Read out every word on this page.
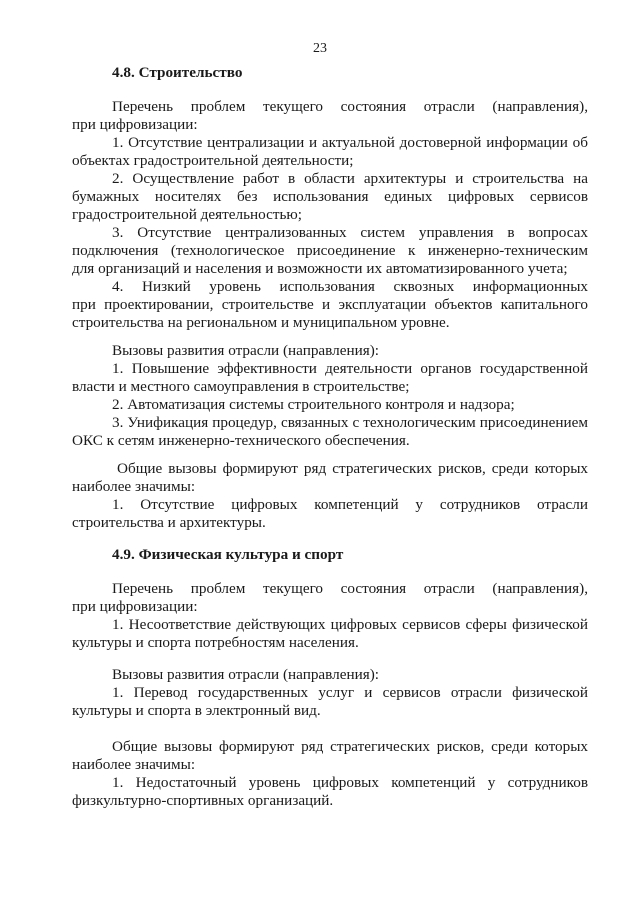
23
4.8. Строительство
Перечень проблем текущего состояния отрасли (направления),
при цифровизации:
1. Отсутствие централизации и актуальной достоверной информации об
объектах градостроительной деятельности;
2. Осуществление работ в области архитектуры и строительства на
бумажных носителях без использования единых цифровых сервисов
градостроительной деятельностью;
3. Отсутствие централизованных систем управления в вопросах
подключения (технологическое присоединение к инженерно-техническим
для организаций и населения и возможности их автоматизированного учета;
4. Низкий уровень использования сквозных информационных
при проектировании, строительстве и эксплуатации объектов капитального
строительства на региональном и муниципальном уровне.
Вызовы развития отрасли (направления):
1. Повышение эффективности деятельности органов государственной
власти и местного самоуправления в строительстве;
2. Автоматизация системы строительного контроля и надзора;
3. Унификация процедур, связанных с технологическим присоединением
ОКС к сетям инженерно-технического обеспечения.
Общие вызовы формируют ряд стратегических рисков, среди которых
наиболее значимы:
1. Отсутствие цифровых компетенций у сотрудников отрасли
строительства и архитектуры.
4.9. Физическая культура и спорт
Перечень проблем текущего состояния отрасли (направления),
при цифровизации:
1. Несоответствие действующих цифровых сервисов сферы физической
культуры и спорта потребностям населения.
Вызовы развития отрасли (направления):
1. Перевод государственных услуг и сервисов отрасли физической
культуры и спорта в электронный вид.
Общие вызовы формируют ряд стратегических рисков, среди которых
наиболее значимы:
1. Недостаточный уровень цифровых компетенций у сотрудников
физкультурно-спортивных организаций.
